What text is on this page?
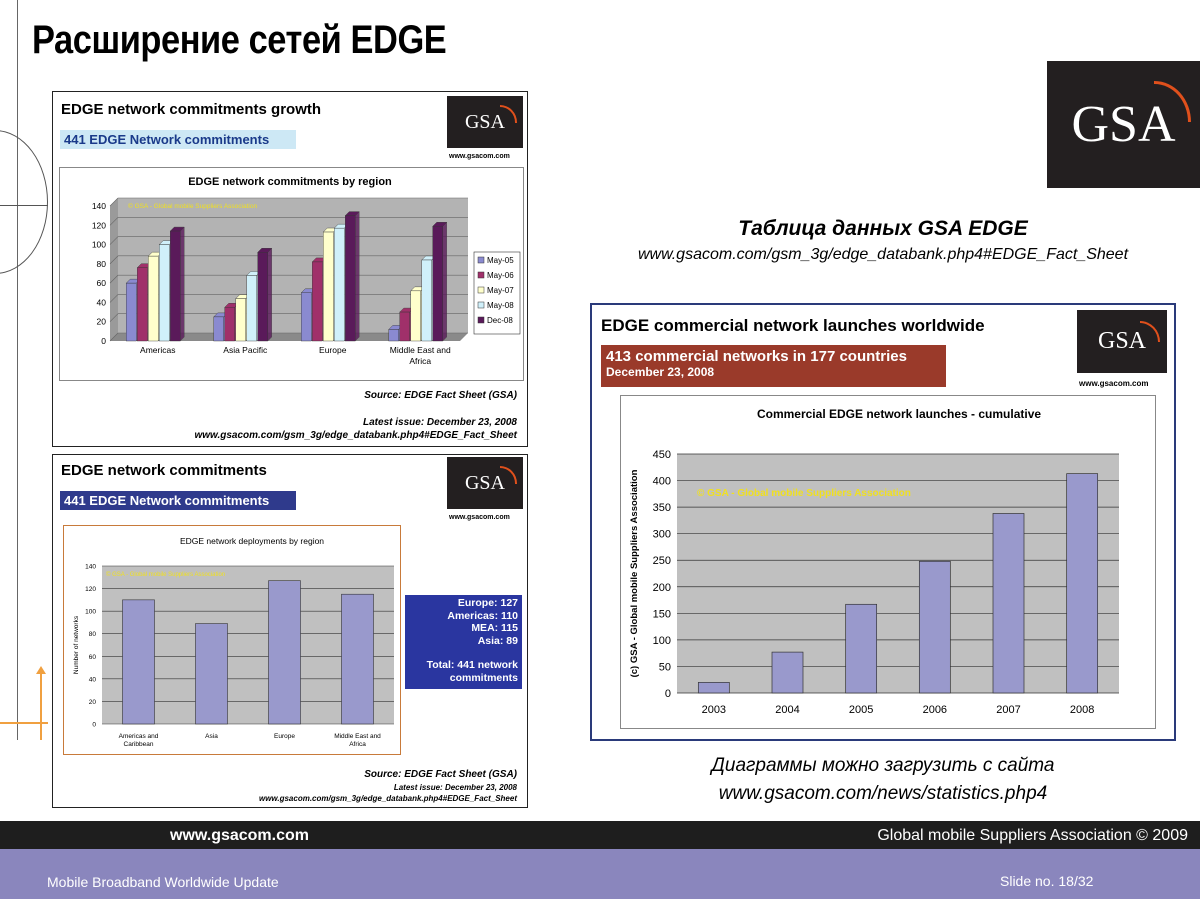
Расширение сетей EDGE
GSA
Таблица данных GSA EDGE
www.gsacom.com/gsm_3g/edge_databank.php4#EDGE_Fact_Sheet
EDGE network commitments growth
441 EDGE Network commitments
GSA
www.gsacom.com
EDGE network commitments by region
0
20
40
60
80
100
120
140	© GSA - Global mobile Suppliers Association
Americas	Asia Pacific	Europe	Middle East and
Africa
May-05
May-06
May-07
May-08
Dec-08
Source: EDGE Fact Sheet (GSA)
Latest issue: December 23, 2008
www.gsacom.com/gsm_3g/edge_databank.php4#EDGE_Fact_Sheet
EDGE network commitments
441 EDGE Network commitments
GSA
www.gsacom.com
EDGE network deployments by region
0
20
40
60
80
100
120
140
© GSA - Global mobile Suppliers Association
Number of networks
Americas and
Caribbean
Asia	Europe	Middle East and
Africa
Europe: 127
Americas: 110
MEA: 115
Asia: 89
Total: 441 network
commitments
Source: EDGE Fact Sheet (GSA)
Latest issue: December 23, 2008
www.gsacom.com/gsm_3g/edge_databank.php4#EDGE_Fact_Sheet
EDGE commercial network launches worldwide
413 commercial networks in 177 countries
December 23, 2008
GSA
www.gsacom.com
Commercial EDGE network launches - cumulative
0
50
100
150
200
250
300
350
400
450
© GSA - Global mobile Suppliers Association
(c) GSA - Global mobile Suppliers Association
2003	2004	2005	2006	2007	2008
Диаграммы можно загрузить с сайта
www.gsacom.com/news/statistics.php4
www.gsacom.com	Global mobile Suppliers Association © 2009
Mobile Broadband Worldwide Update	Slide no. 18/32
